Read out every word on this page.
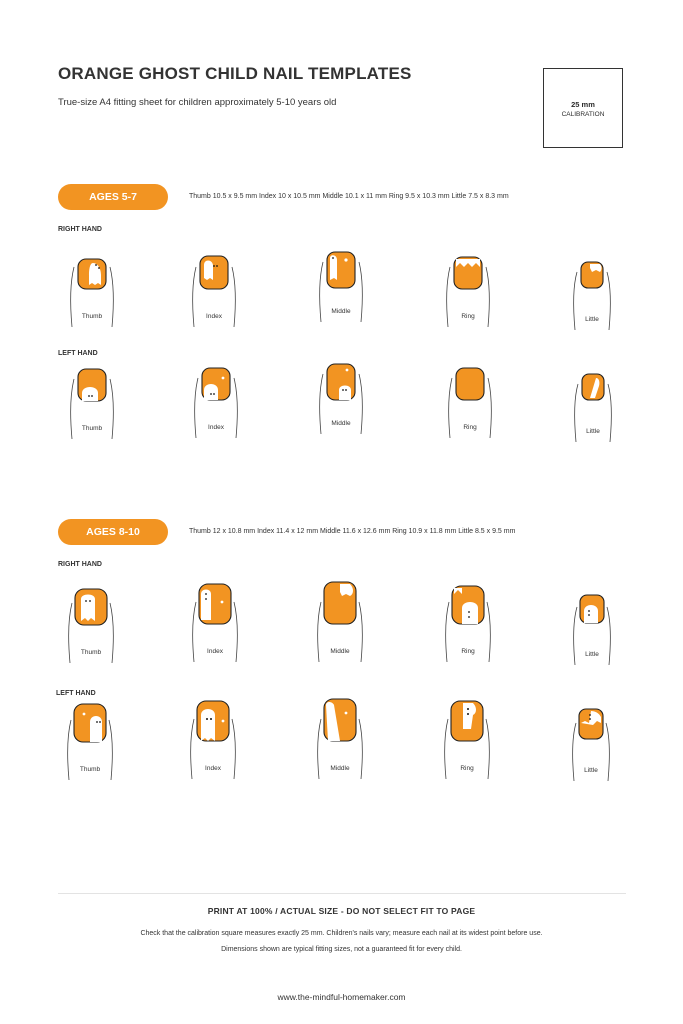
ORANGE GHOST CHILD NAIL TEMPLATES

True-size A4 fitting sheet for children approximately 5-10 years old	25 mm
CALIBRATION
AGES 5-7	Thumb 10.5 x 9.5 mm Index 10 x 10.5 mm Middle 10.1 x 11 mm Ring 9.5 x 10.3 mm Little 7.5 x 8.3 mm
RIGHT HAND
LEFT HAND
Thumb	Index
Middle
Ring	Little
Thumb	Index
Middle
Ring
Little
AGES 8-10	Thumb 12 x 10.8 mm Index 11.4 x 12 mm Middle 11.6 x 12.6 mm Ring 10.9 x 11.8 mm Little 8.5 x 9.5 mm
RIGHT HAND
LEFT HAND
Thumb	Index	Middle	Ring	Little
Thumb	Index	Middle	Ring	Little
PRINT AT 100% / ACTUAL SIZE - DO NOT SELECT FIT TO PAGE
Check that the calibration square measures exactly 25 mm. Children's nails vary; measure each nail at its widest point before use.
Dimensions shown are typical fitting sizes, not a guaranteed fit for every child.
www.the-mindful-homemaker.com
